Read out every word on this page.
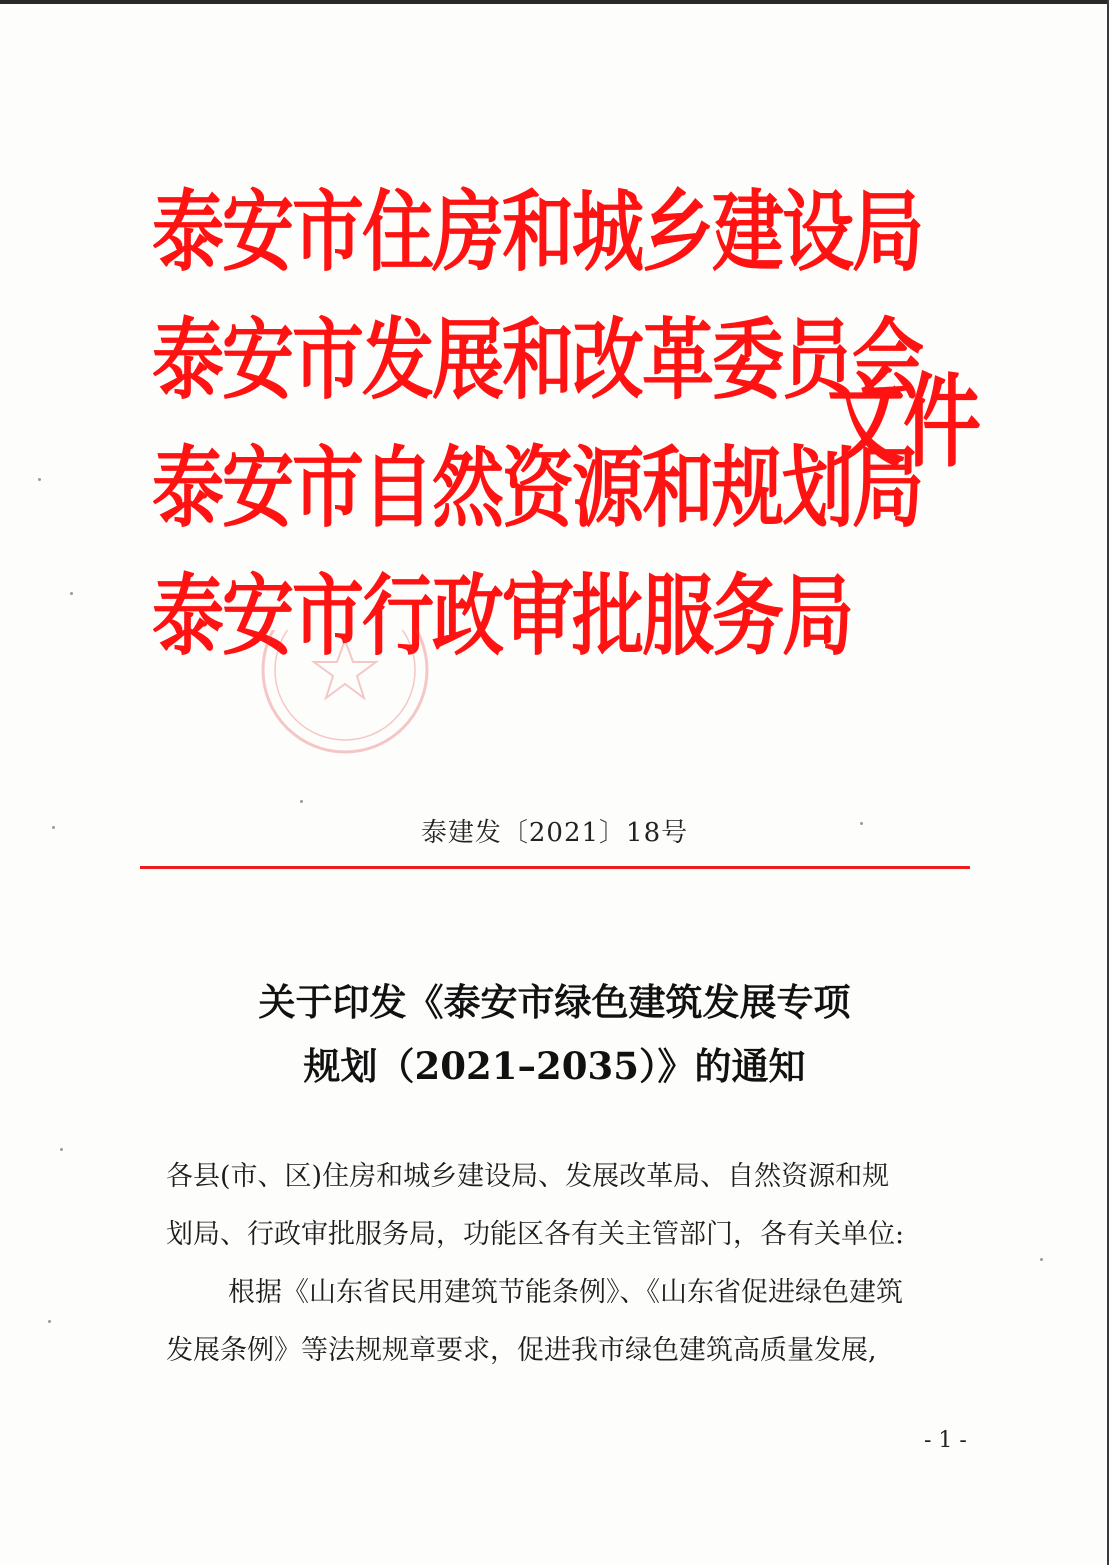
泰安市住房和城乡建设局
泰安市发展和改革委员会
泰安市自然资源和规划局
泰安市行政审批服务局
文件
泰建发〔2021〕18号
关于印发《泰安市绿色建筑发展专项
规划（2021–2035）》的通知

各县(市、区)住房和城乡建设局、发展改革局、自然资源和规

划局、行政审批服务局，功能区各有关主管部门，各有关单位:

根据《山东省民用建筑节能条例》、《山东省促进绿色建筑

发展条例》等法规规章要求，促进我市绿色建筑高质量发展,

- 1 -
